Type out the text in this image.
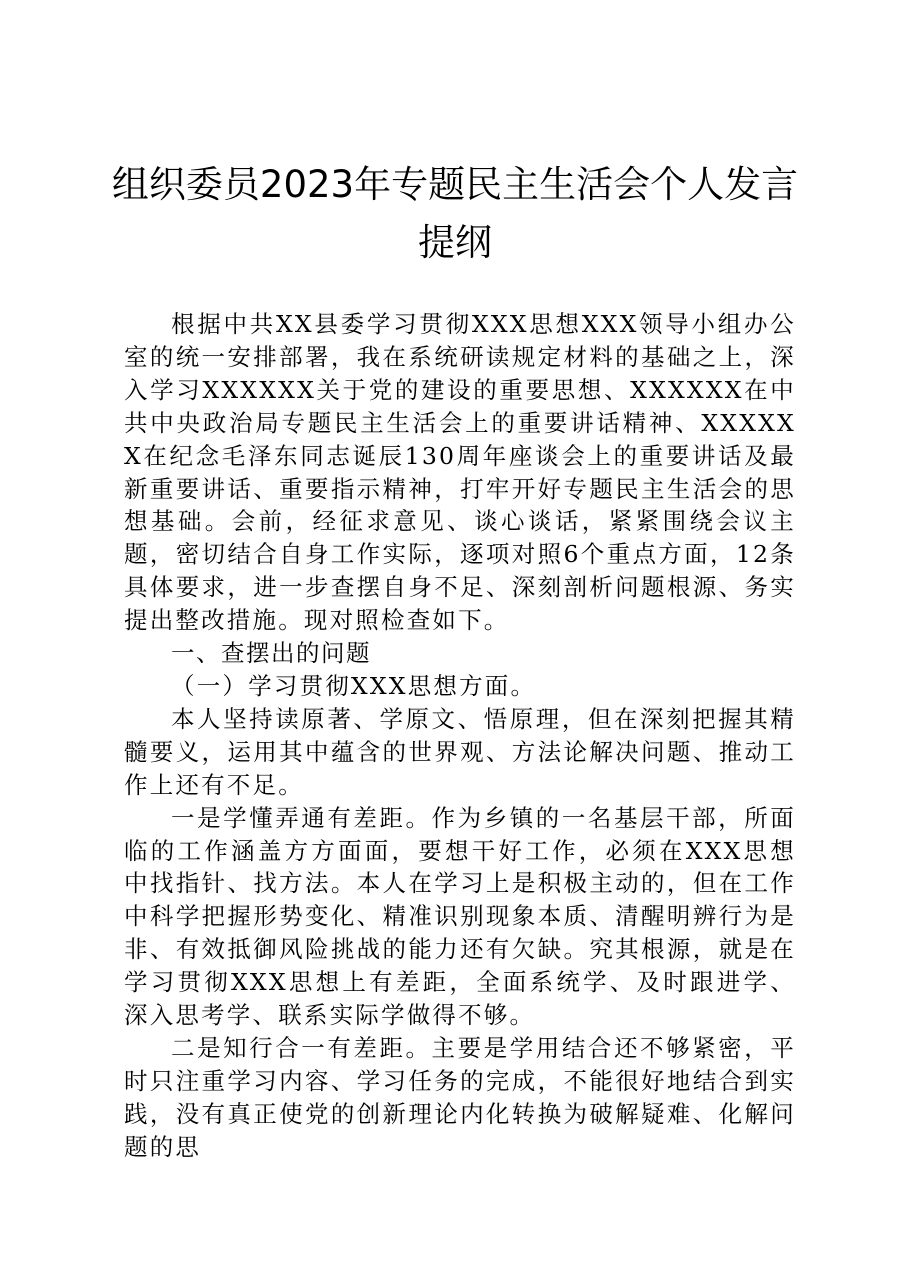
组织委员2023年专题民主生活会个人发言提纲

根据中共XX县委学习贯彻XXX思想XXX领导小组办公室的统一安排部署，我在系统研读规定材料的基础之上，深入学习XXXXXX关于党的建设的重要思想、XXXXXX在中共中央政治局专题民主生活会上的重要讲话精神、XXXXXX在纪念毛泽东同志诞辰130周年座谈会上的重要讲话及最新重要讲话、重要指示精神，打牢开好专题民主生活会的思想基础。会前，经征求意见、谈心谈话，紧紧围绕会议主题，密切结合自身工作实际，逐项对照6个重点方面，12条具体要求，进一步查摆自身不足、深刻剖析问题根源、务实提出整改措施。现对照检查如下。

一、查摆出的问题

（一）学习贯彻XXX思想方面。

本人坚持读原著、学原文、悟原理，但在深刻把握其精髓要义，运用其中蕴含的世界观、方法论解决问题、推动工作上还有不足。

一是学懂弄通有差距。作为乡镇的一名基层干部，所面临的工作涵盖方方面面，要想干好工作，必须在XXX思想中找指针、找方法。本人在学习上是积极主动的，但在工作中科学把握形势变化、精准识别现象本质、清醒明辨行为是非、有效抵御风险挑战的能力还有欠缺。究其根源，就是在学习贯彻XXX思想上有差距，全面系统学、及时跟进学、深入思考学、联系实际学做得不够。

二是知行合一有差距。主要是学用结合还不够紧密，平时只注重学习内容、学习任务的完成，不能很好地结合到实践，没有真正使党的创新理论内化转换为破解疑难、化解问题的思
